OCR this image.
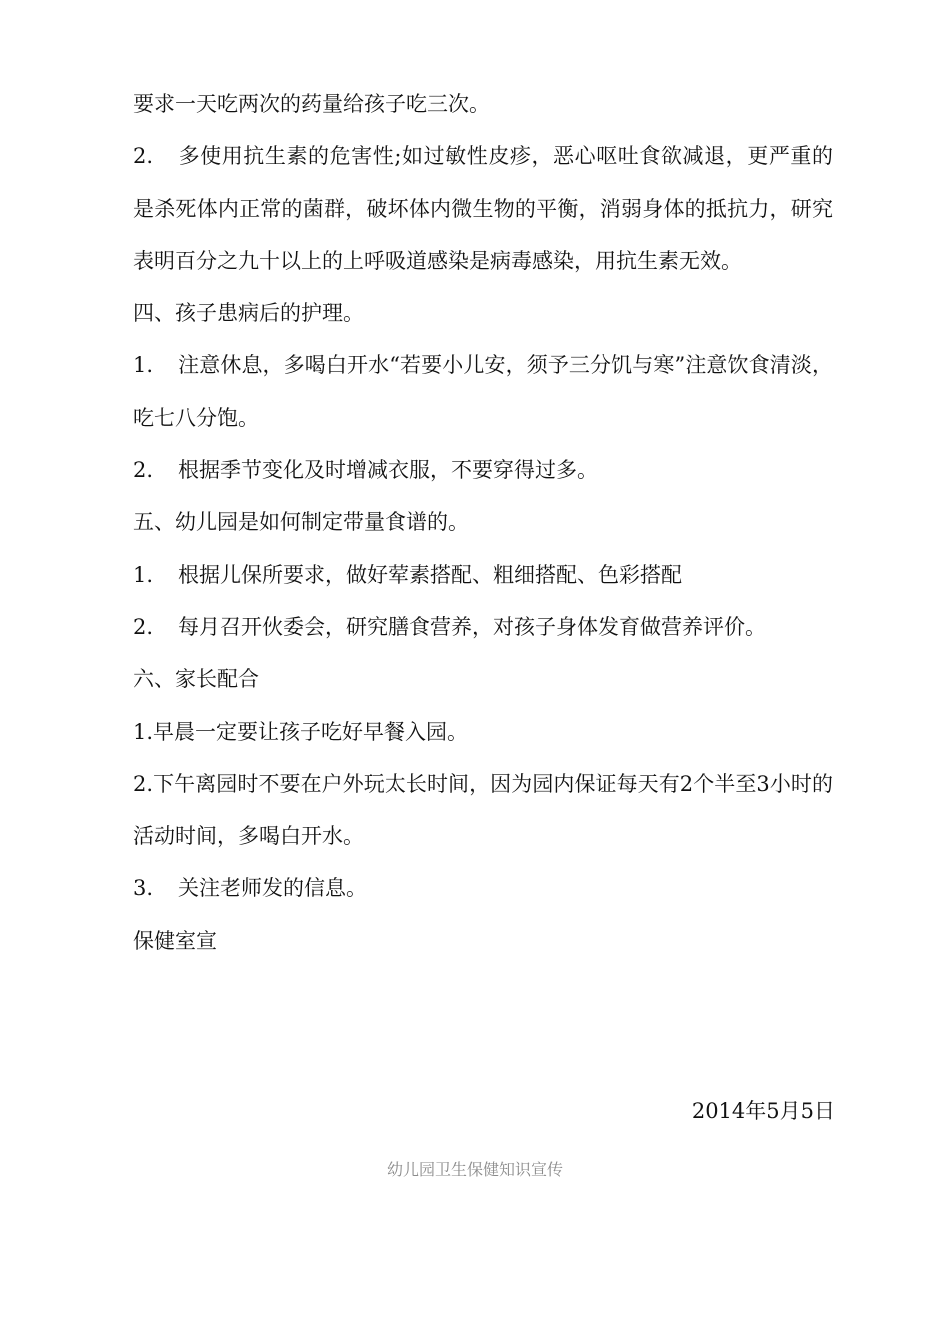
要求一天吃两次的药量给孩子吃三次。

2. 多使用抗生素的危害性;如过敏性皮疹，恶心呕吐食欲减退，更严重的是杀死体内正常的菌群，破坏体内微生物的平衡，消弱身体的抵抗力，研究表明百分之九十以上的上呼吸道感染是病毒感染，用抗生素无效。

四、孩子患病后的护理。

1. 注意休息，多喝白开水“若要小儿安，须予三分饥与寒”注意饮食清淡，吃七八分饱。

2. 根据季节变化及时增减衣服，不要穿得过多。

五、幼儿园是如何制定带量食谱的。

1. 根据儿保所要求，做好荤素搭配、粗细搭配、色彩搭配

2. 每月召开伙委会，研究膳食营养，对孩子身体发育做营养评价。

六、家长配合

1.早晨一定要让孩子吃好早餐入园。

2.下午离园时不要在户外玩太长时间，因为园内保证每天有2个半至3小时的活动时间，多喝白开水。

3. 关注老师发的信息。

保健室宣

2014年5月5日
幼儿园卫生保健知识宣传
